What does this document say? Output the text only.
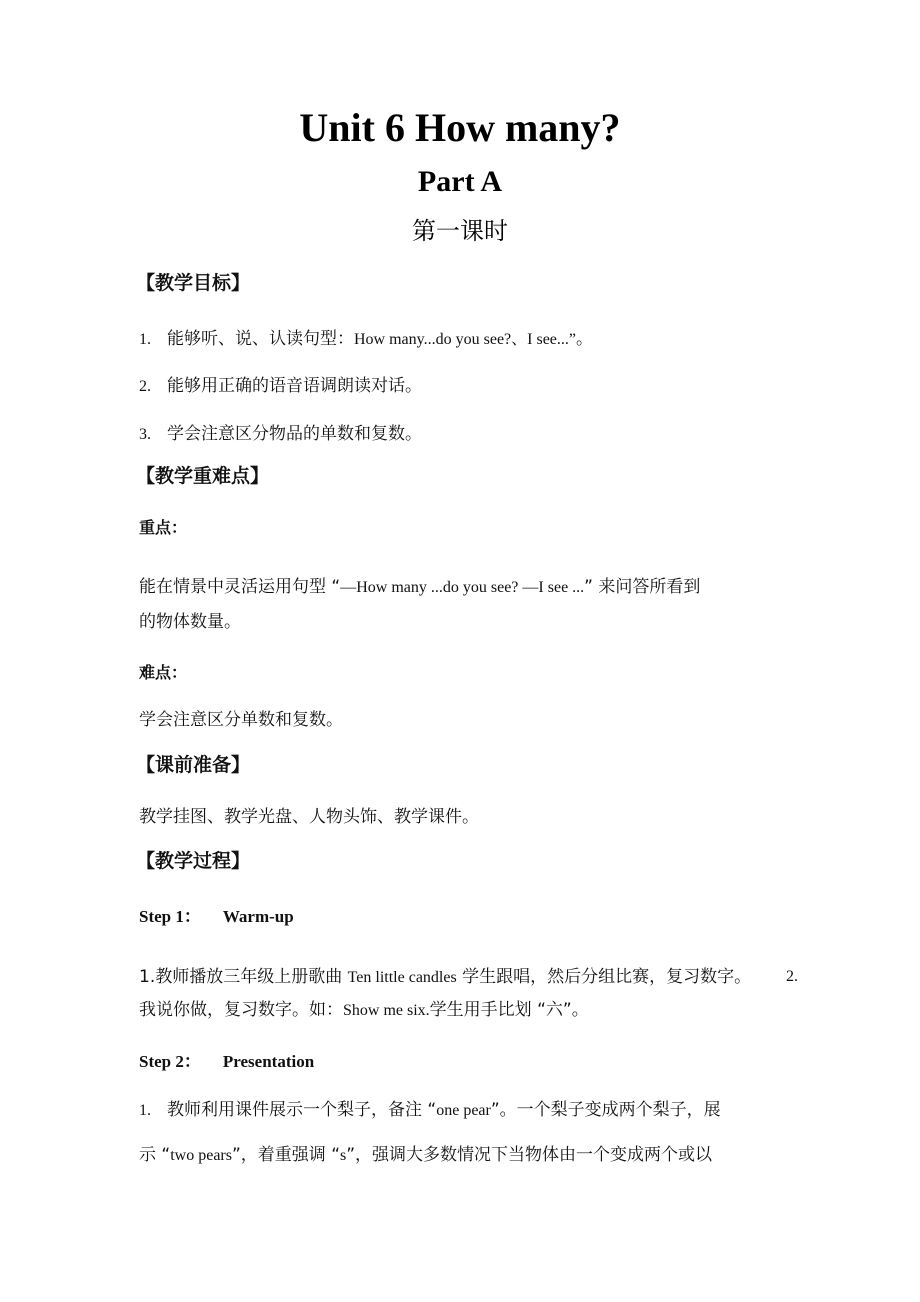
Unit 6 How many?
Part A
第一课时

【教学目标】

1. 能够听、说、认读句型：How many...do you see?、I see...”。

2. 能够用正确的语音语调朗读对话。

3. 学会注意区分物品的单数和复数。

【教学重难点】

重点：

能在情景中灵活运用句型 “—How many ...do you see? —I see ...” 来问答所看到

的物体数量。

难点：

学会注意区分单数和复数。

【课前准备】

教学挂图、教学光盘、人物头饰、教学课件。

【教学过程】

Step 1： Warm-up

1.教师播放三年级上册歌曲 Ten little candles 学生跟唱，然后分组比赛，复习数字。 2.

我说你做，复习数字。如：Show me six.学生用手比划 “六”。

Step 2： Presentation

1. 教师利用课件展示一个梨子，备注 “one pear”。一个梨子变成两个梨子，展

示 “two pears”，着重强调 “s”，强调大多数情况下当物体由一个变成两个或以
